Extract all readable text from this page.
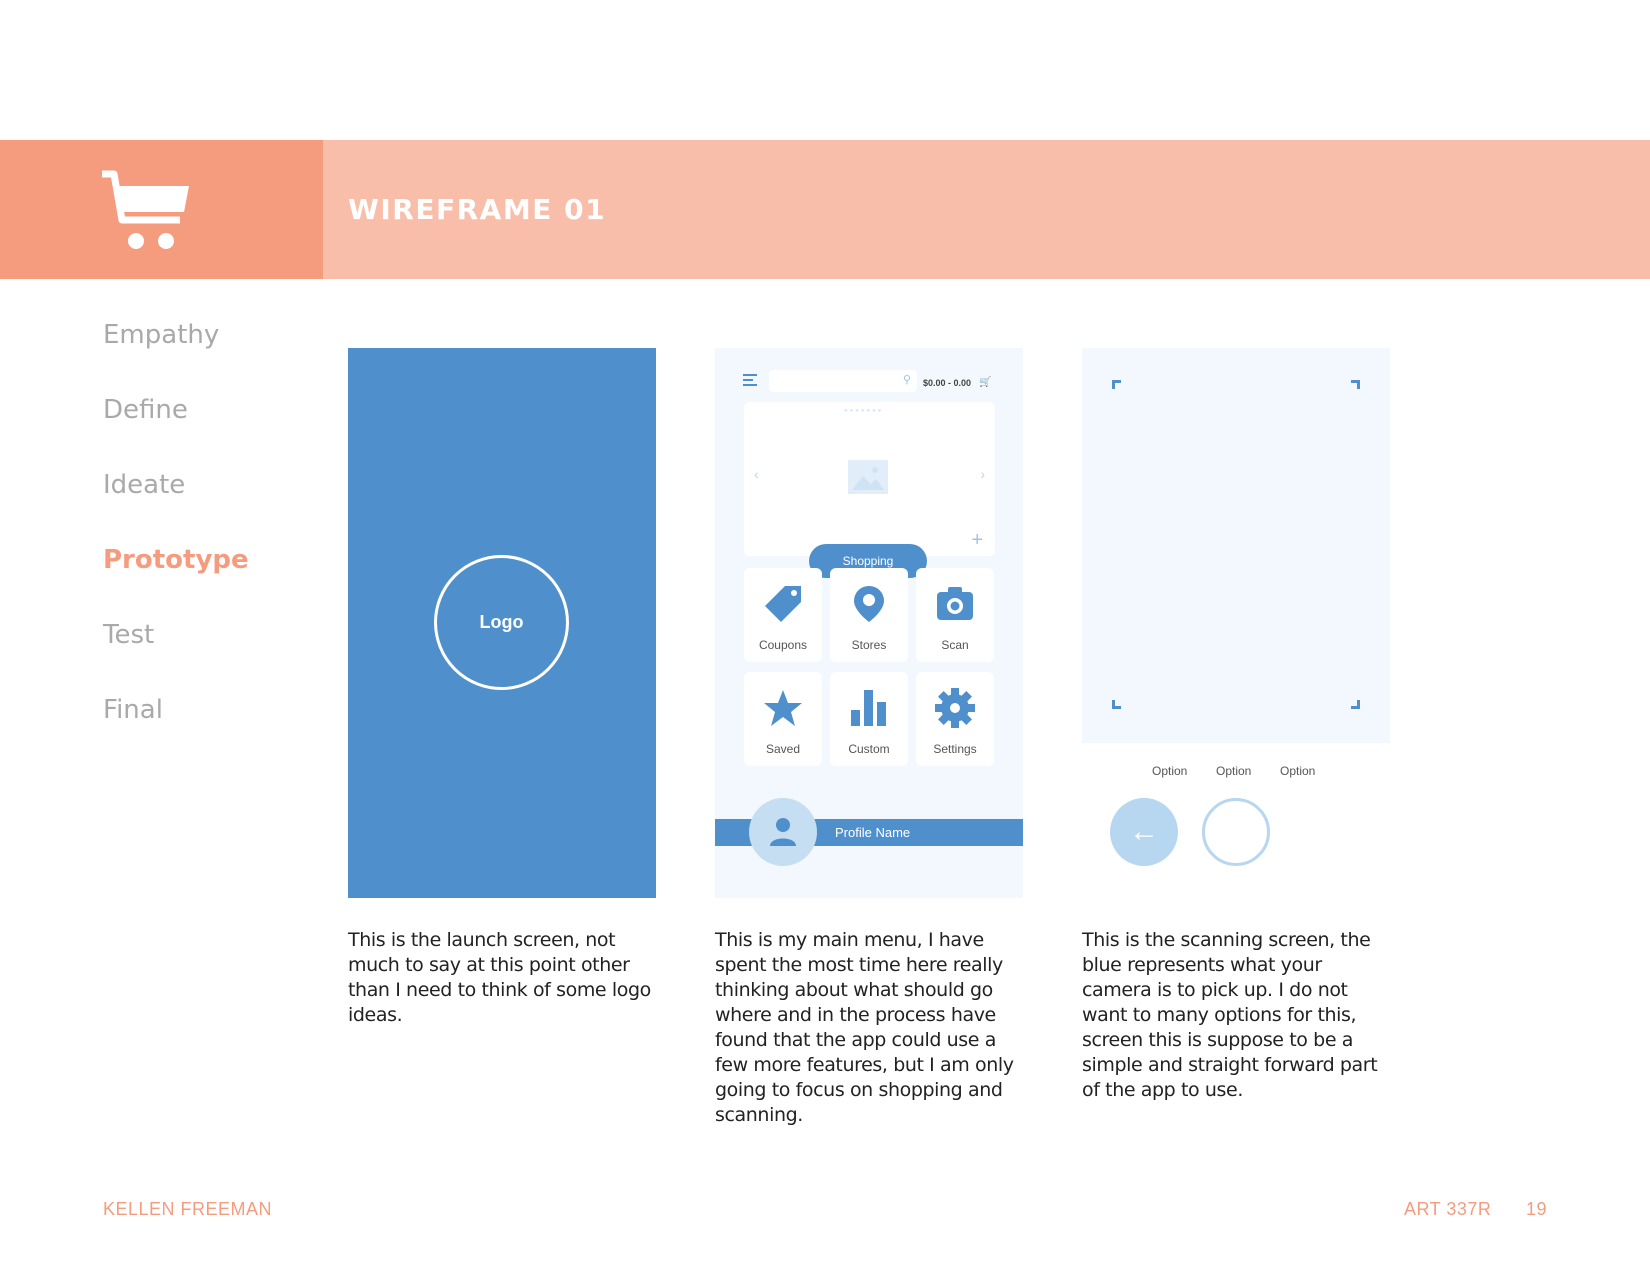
WIREFRAME 01
Empathy
Define
Ideate
Prototype
Test
Final
Logo
⚲ $0.00 - 0.00 🛒
●●●●●●●
‹	›
+
Shopping
Coupons	Stores	Scan
Saved	Custom	Settings
Profile Name
Option Option Option
←
This is the launch screen, not much to say at this point other than I need to think of some logo ideas.
This is my main menu, I have spent the most time here really thinking about what should go where and in the process have found that the app could use a few more features, but I am only going to focus on shopping and scanning.
This is the scanning screen, the blue represents what your camera is to pick up. I do not want to many options for this, screen this is suppose to be a simple and straight forward part of the app to use.
KELLEN FREEMAN	ART 337R 19
